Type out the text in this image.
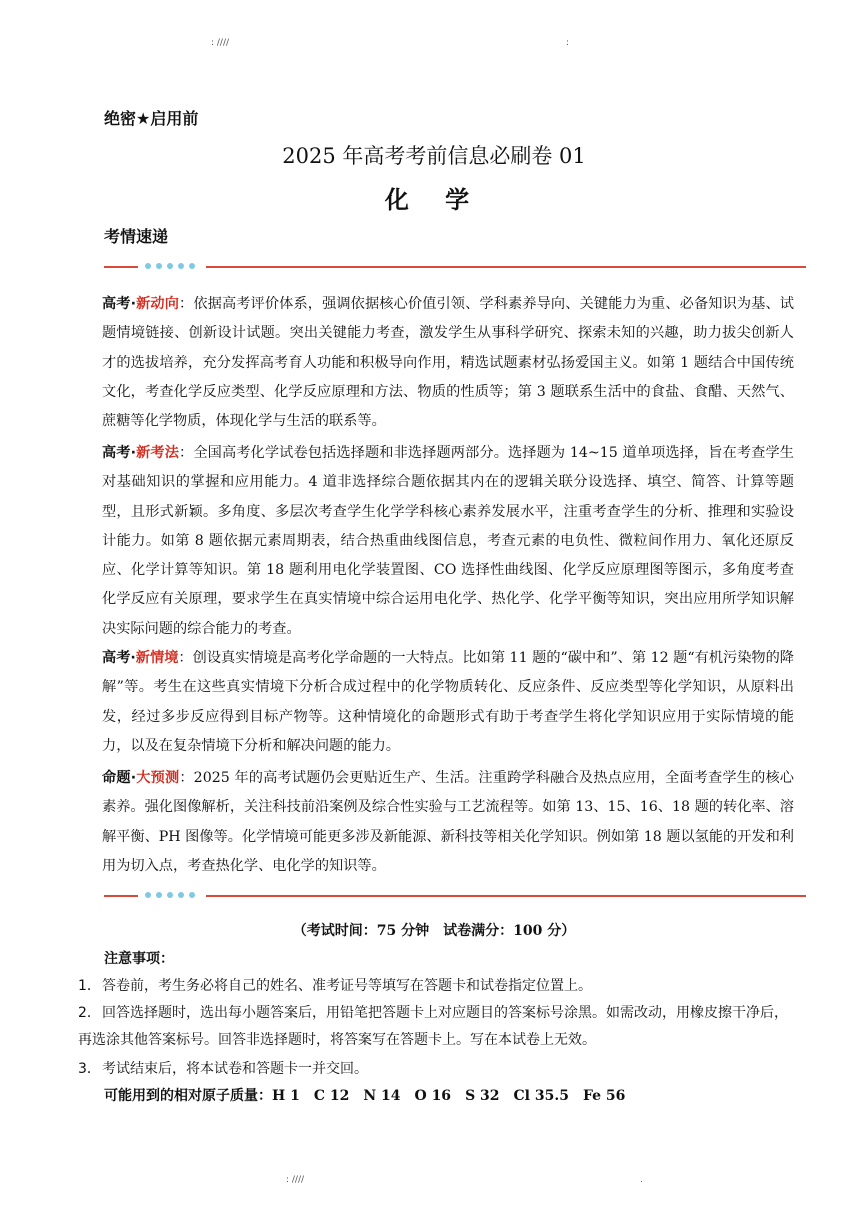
: ////	:
绝密★启用前
2025 年高考考前信息必刷卷 01
化 学
考情速递
高考·新动向：依据高考评价体系，强调依据核心价值引领、学科素养导向、关键能力为重、必备知识为基、试题情境链接、创新设计试题。突出关键能力考查，激发学生从事科学研究、探索未知的兴趣，助力拔尖创新人才的选拔培养，充分发挥高考育人功能和积极导向作用，精选试题素材弘扬爱国主义。如第 1 题结合中国传统文化，考查化学反应类型、化学反应原理和方法、物质的性质等；第 3 题联系生活中的食盐、食醋、天然气、蔗糖等化学物质，体现化学与生活的联系等。
高考·新考法：全国高考化学试卷包括选择题和非选择题两部分。选择题为 14~15 道单项选择，旨在考查学生对基础知识的掌握和应用能力。4 道非选择综合题依据其内在的逻辑关联分设选择、填空、简答、计算等题型，且形式新颖。多角度、多层次考查学生化学学科核心素养发展水平，注重考查学生的分析、推理和实验设计能力。如第 8 题依据元素周期表，结合热重曲线图信息，考查元素的电负性、微粒间作用力、氧化还原反应、化学计算等知识。第 18 题利用电化学装置图、CO 选择性曲线图、化学反应原理图等图示，多角度考查化学反应有关原理，要求学生在真实情境中综合运用电化学、热化学、化学平衡等知识，突出应用所学知识解决实际问题的综合能力的考查。
高考·新情境：创设真实情境是高考化学命题的一大特点。比如第 11 题的“碳中和”、第 12 题“有机污染物的降解”等。考生在这些真实情境下分析合成过程中的化学物质转化、反应条件、反应类型等化学知识，从原料出发，经过多步反应得到目标产物等。这种情境化的命题形式有助于考查学生将化学知识应用于实际情境的能力，以及在复杂情境下分析和解决问题的能力。
命题·大预测：2025 年的高考试题仍会更贴近生产、生活。注重跨学科融合及热点应用，全面考查学生的核心素养。强化图像解析，关注科技前沿案例及综合性实验与工艺流程等。如第 13、15、16、18 题的转化率、溶解平衡、PH 图像等。化学情境可能更多涉及新能源、新科技等相关化学知识。例如第 18 题以氢能的开发和利用为切入点，考查热化学、电化学的知识等。
（考试时间：75 分钟　试卷满分：100 分）
注意事项：
1．答卷前，考生务必将自己的姓名、准考证号等填写在答题卡和试卷指定位置上。
2．回答选择题时，选出每小题答案后，用铅笔把答题卡上对应题目的答案标号涂黑。如需改动，用橡皮擦干净后，再选涂其他答案标号。回答非选择题时，将答案写在答题卡上。写在本试卷上无效。
3．考试结束后，将本试卷和答题卡一并交回。
可能用到的相对原子质量：H 1 C 12 N 14 O 16 S 32 Cl 35.5 Fe 56
: ////	.
